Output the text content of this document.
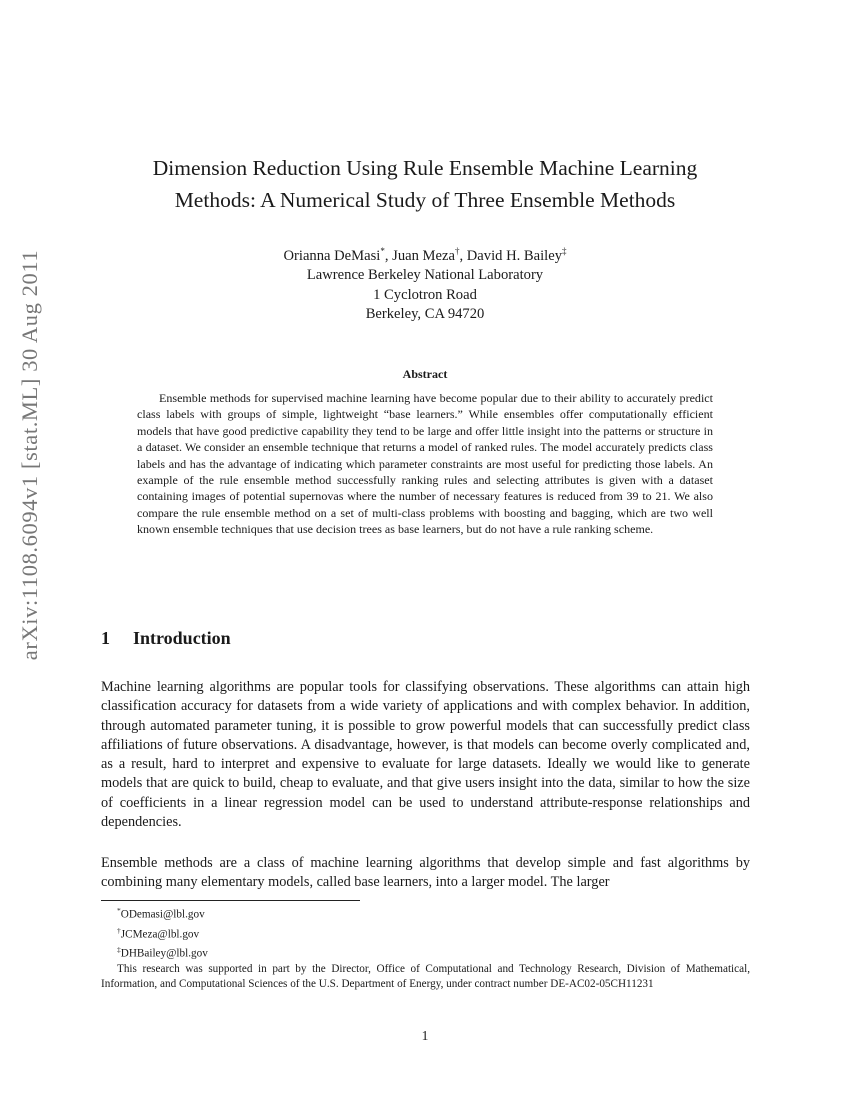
arXiv:1108.6094v1 [stat.ML] 30 Aug 2011
Dimension Reduction Using Rule Ensemble Machine Learning
Methods: A Numerical Study of Three Ensemble Methods
Orianna DeMasi*, Juan Meza†, David H. Bailey‡
Lawrence Berkeley National Laboratory
1 Cyclotron Road
Berkeley, CA 94720
Abstract

Ensemble methods for supervised machine learning have become popular due to their ability to accurately predict class labels with groups of simple, lightweight “base learners.” While ensembles offer computationally efficient models that have good predictive capability they tend to be large and offer little insight into the patterns or structure in a dataset. We consider an ensemble technique that returns a model of ranked rules. The model accurately predicts class labels and has the advantage of indicating which parameter constraints are most useful for predicting those labels. An example of the rule ensemble method successfully ranking rules and selecting attributes is given with a dataset containing images of potential supernovas where the number of necessary features is reduced from 39 to 21. We also compare the rule ensemble method on a set of multi-class problems with boosting and bagging, which are two well known ensemble techniques that use decision trees as base learners, but do not have a rule ranking scheme.

1 Introduction

Machine learning algorithms are popular tools for classifying observations. These algorithms can attain high classification accuracy for datasets from a wide variety of applications and with complex behavior. In addition, through automated parameter tuning, it is possible to grow powerful models that can successfully predict class affiliations of future observations. A disadvantage, however, is that models can become overly complicated and, as a result, hard to interpret and expensive to evaluate for large datasets. Ideally we would like to generate models that are quick to build, cheap to evaluate, and that give users insight into the data, similar to how the size of coefficients in a linear regression model can be used to understand attribute-response relationships and dependencies.

Ensemble methods are a class of machine learning algorithms that develop simple and fast algorithms by combining many elementary models, called base learners, into a larger model. The larger

*ODemasi@lbl.gov

†JCMeza@lbl.gov

‡DHBailey@lbl.gov

This research was supported in part by the Director, Office of Computational and Technology Research, Division of Mathematical, Information, and Computational Sciences of the U.S. Department of Energy, under contract number DE-AC02-05CH11231

1
